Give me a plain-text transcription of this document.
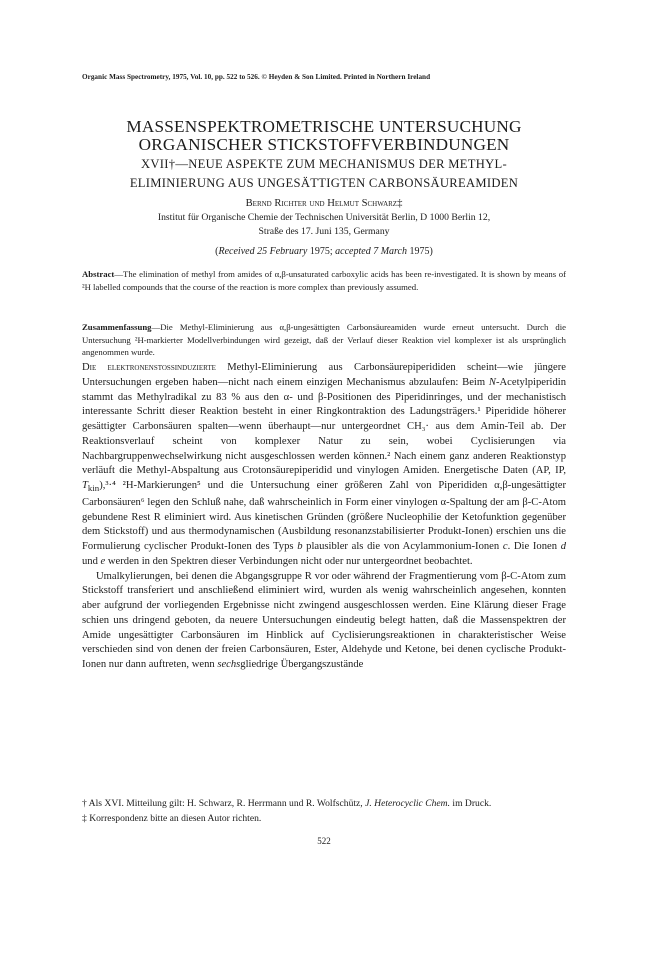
Organic Mass Spectrometry, 1975, Vol. 10, pp. 522 to 526. © Heyden & Son Limited. Printed in Northern Ireland
MASSENSPEKTROMETRISCHE UNTERSUCHUNG
ORGANISCHER STICKSTOFFVERBINDUNGEN
XVII†—NEUE ASPEKTE ZUM MECHANISMUS DER METHYL-
ELIMINIERUNG AUS UNGESÄTTIGTEN CARBONSÄUREAMIDEN
Bernd Richter und Helmut Schwarz‡
Institut für Organische Chemie der Technischen Universität Berlin, D 1000 Berlin 12,
Straße des 17. Juni 135, Germany
(Received 25 February 1975; accepted 7 March 1975)
Abstract—The elimination of methyl from amides of α,β-unsaturated carboxylic acids has been re-investigated. It is shown by means of ²H labelled compounds that the course of the reaction is more complex than previously assumed.
Zusammenfassung—Die Methyl-Eliminierung aus α,β-ungesättigten Carbonsäureamiden wurde erneut untersucht. Durch die Untersuchung ²H-markierter Modellverbindungen wird gezeigt, daß der Verlauf dieser Reaktion viel komplexer ist als ursprünglich angenommen wurde.

Die elektronenstoßinduzierte Methyl-Eliminierung aus Carbonsäurepiperididen scheint—wie jüngere Untersuchungen ergeben haben—nicht nach einem einzigen Mechanismus abzulaufen: Beim N-Acetylpiperidin stammt das Methylradikal zu 83 % aus den α- und β-Positionen des Piperidinringes, und der mechanistisch interessante Schritt dieser Reaktion besteht in einer Ringkontraktion des Ladungsträgers.¹ Piperidide höherer gesättigter Carbonsäuren spalten—wenn überhaupt—nur untergeordnet CH₃· aus dem Amin-Teil ab. Der Reaktionsverlauf scheint von komplexer Natur zu sein, wobei Cyclisierungen via Nachbargruppenwechselwirkung nicht ausgeschlossen werden können.² Nach einem ganz anderen Reaktionstyp verläuft die Methyl-Abspaltung aus Crotonsäurepiperidid und vinylogen Amiden. Energetische Daten (AP, IP, $T_{kin}),^3\cdot^4$ ²H-Markierungen⁵ und die Untersuchung einer größeren Zahl von Piperididen α,β-ungesättigter Carbonsäuren⁶ legen den Schluß nahe, daß wahrscheinlich in Form einer vinylogen α-Spaltung der am β-C-Atom gebundene Rest R eliminiert wird. Aus kinetischen Gründen (größere Nucleophilie der Ketofunktion gegenüber dem Stickstoff) und aus thermodynamischen (Ausbildung resonanzstabilisierter Produkt-Ionen) erschien uns die Formulierung cyclischer Produkt-Ionen des Typs b plausibler als die von Acylammonium-Ionen c. Die Ionen d und e werden in den Spektren dieser Verbindungen nicht oder nur untergeordnet beobachtet.

Umalkylierungen, bei denen die Abgangsgruppe R vor oder während der Fragmentierung vom β-C-Atom zum Stickstoff transferiert und anschließend eliminiert wird, wurden als wenig wahrscheinlich angesehen, konnten aber aufgrund der vorliegenden Ergebnisse nicht zwingend ausgeschlossen werden. Eine Klärung dieser Frage schien uns dringend geboten, da neuere Untersuchungen eindeutig belegt hatten, daß die Massenspektren der Amide ungesättigter Carbonsäuren im Hinblick auf Cyclisierungsreaktionen in charakteristischer Weise verschieden sind von denen der freien Carbonsäuren, Ester, Aldehyde und Ketone, bei denen cyclische Produkt-Ionen nur dann auftreten, wenn sechsgliedrige Übergangszustände

† Als XVI. Mitteilung gilt: H. Schwarz, R. Herrmann und R. Wolfschütz, J. Heterocyclic Chem. im Druck.

‡ Korrespondenz bitte an diesen Autor richten.

522
